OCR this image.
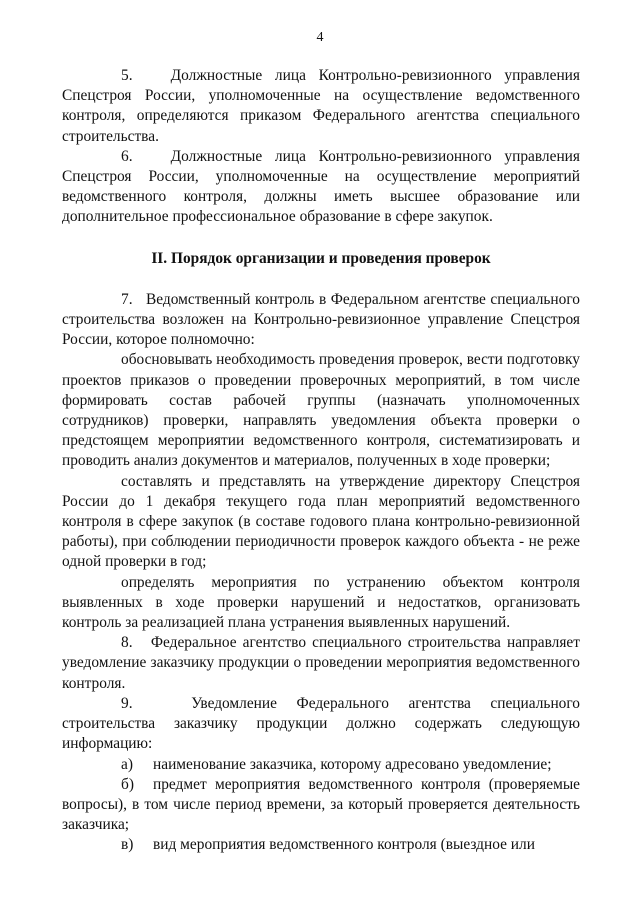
4

5.   Должностные лица Контрольно-ревизионного управления Спецстроя России, уполномоченные на осуществление ведомственного контроля, определяются приказом Федерального агентства специального строительства.

6.   Должностные лица Контрольно-ревизионного управления Спецстроя России, уполномоченные на осуществление мероприятий ведомственного контроля, должны иметь высшее образование или дополнительное профессиональное образование в сфере закупок.

II. Порядок организации и проведения проверок

7.   Ведомственный контроль в Федеральном агентстве специального строительства возложен на Контрольно-ревизионное управление Спецстроя России, которое полномочно:

обосновывать необходимость проведения проверок, вести подготовку проектов приказов о проведении проверочных мероприятий, в том числе формировать состав рабочей группы (назначать уполномоченных сотрудников) проверки, направлять уведомления объекта проверки о предстоящем мероприятии ведомственного контроля, систематизировать и проводить анализ документов и материалов, полученных в ходе проверки;

составлять и представлять на утверждение директору Спецстроя России до 1 декабря текущего года план мероприятий ведомственного контроля в сфере закупок (в составе годового плана контрольно-ревизионной работы), при соблюдении периодичности проверок каждого объекта - не реже одной проверки в год;

определять мероприятия по устранению объектом контроля выявленных в ходе проверки нарушений и недостатков, организовать контроль за реализацией плана устранения выявленных нарушений.

8.   Федеральное агентство специального строительства направляет уведомление заказчику продукции о проведении мероприятия ведомственного контроля.

9.   Уведомление Федерального агентства специального строительства заказчику продукции должно содержать следующую информацию:

а) наименование заказчика, которому адресовано уведомление;

б) предмет мероприятия ведомственного контроля (проверяемые вопросы), в том числе период времени, за который проверяется деятельность заказчика;

в) вид мероприятия ведомственного контроля (выездное или
